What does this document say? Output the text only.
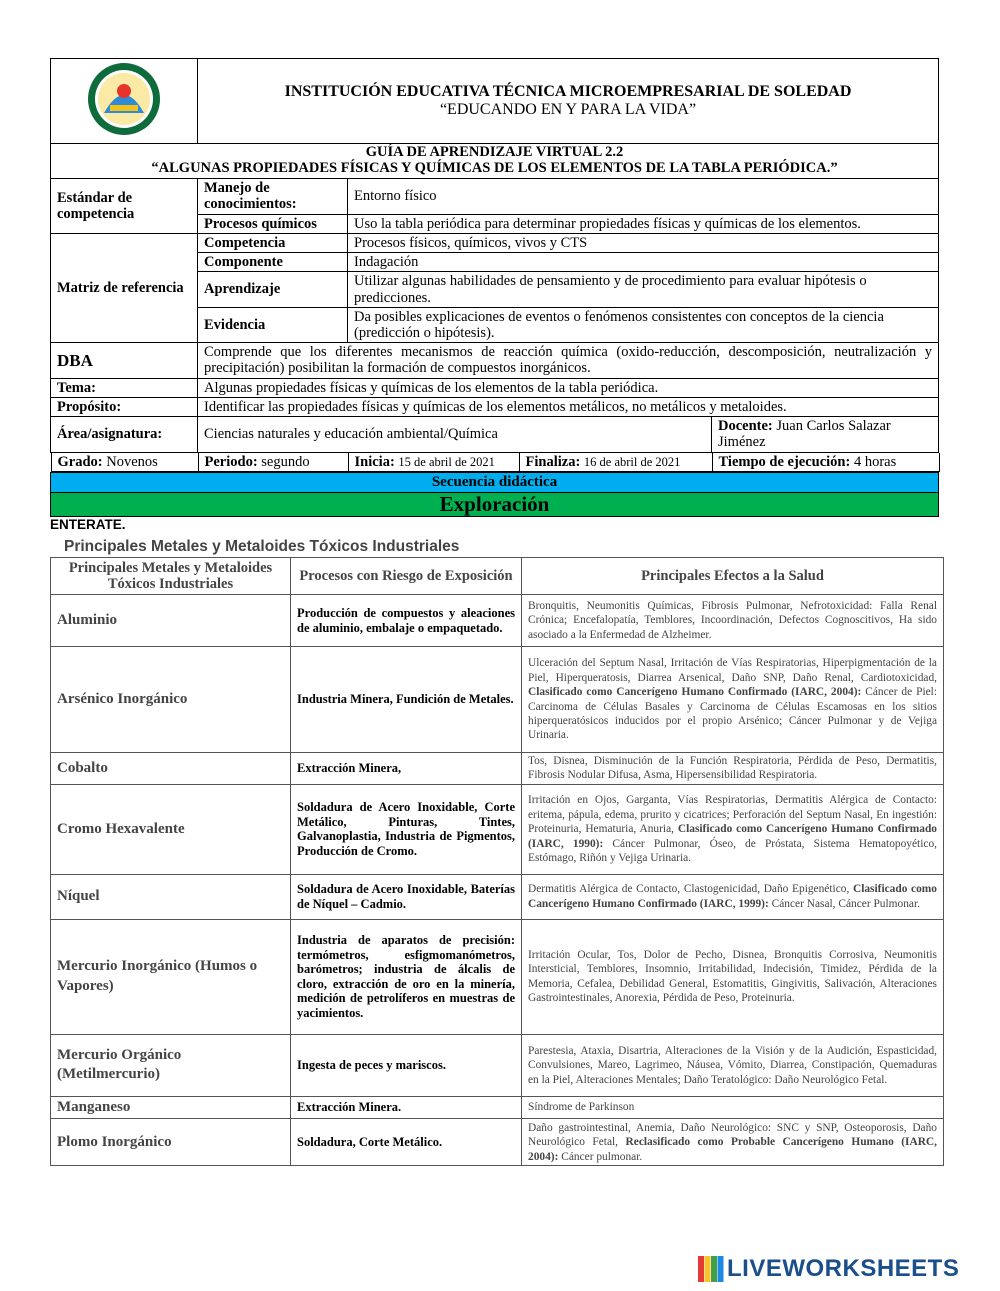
INSTITUCIÓN EDUCATIVA TÉCNICA MICROEMPRESARIAL DE SOLEDAD
“EDUCANDO EN Y PARA LA VIDA”

GUÍA DE APRENDIZAJE VIRTUAL 2.2
“ALGUNAS PROPIEDADES FÍSICAS Y QUÍMICAS DE LOS ELEMENTOS DE LA TABLA PERIÓDICA.”

Estándar de competencia	Manejo de conocimientos:	Entorno físico
Procesos químicos	Uso la tabla periódica para determinar propiedades físicas y químicas de los elementos.
Matriz de referencia	Competencia	Procesos físicos, químicos, vivos y CTS
Componente	Indagación
Aprendizaje	Utilizar algunas habilidades de pensamiento y de procedimiento para evaluar hipótesis o predicciones.
Evidencia	Da posibles explicaciones de eventos o fenómenos consistentes con conceptos de la ciencia (predicción o hipótesis).
DBA	Comprende que los diferentes mecanismos de reacción química (oxido-reducción, descomposición, neutralización y precipitación) posibilitan la formación de compuestos inorgánicos.
Tema:	Algunas propiedades físicas y químicas de los elementos de la tabla periódica.
Propósito:	Identificar las propiedades físicas y químicas de los elementos metálicos, no metálicos y metaloides.
Área/asignatura:	Ciencias naturales y educación ambiental/Química	Docente: Juan Carlos Salazar Jiménez

Grado: Novenos	Periodo: segundo	Inicia: 15 de abril de 2021	Finaliza: 16 de abril de 2021	Tiempo de ejecución: 4 horas

Secuencia didáctica
Exploración
ENTERATE.
Principales Metales y Metaloides Tóxicos Industriales
Principales Metales y Metaloides Tóxicos Industriales	Procesos con Riesgo de Exposición	Principales Efectos a la Salud
Aluminio	Producción de compuestos y aleaciones de aluminio, embalaje o empaquetado.	Bronquitis, Neumonitis Químicas, Fibrosis Pulmonar, Nefrotoxicidad: Falla Renal Crónica; Encefalopatía, Temblores, Incoordinación, Defectos Cognoscitivos, Ha sido asociado a la Enfermedad de Alzheimer.
Arsénico Inorgánico	Industria Minera, Fundición de Metales.	Ulceración del Septum Nasal, Irritación de Vías Respiratorias, Hiperpigmentación de la Piel, Hiperqueratosis, Diarrea Arsenical, Daño SNP, Daño Renal, Cardiotoxicidad, Clasificado como Cancerígeno Humano Confirmado (IARC, 2004): Cáncer de Piel: Carcinoma de Células Basales y Carcinoma de Células Escamosas en los sitios hiperqueratósicos inducidos por el propio Arsénico; Cáncer Pulmonar y de Vejiga Urinaria.
Cobalto	Extracción Minera,	Tos, Disnea, Disminución de la Función Respiratoria, Pérdida de Peso, Dermatitis, Fibrosis Nodular Difusa, Asma, Hipersensibilidad Respiratoria.
Cromo Hexavalente	Soldadura de Acero Inoxidable, Corte Metálico, Pinturas, Tintes, Galvanoplastia, Industria de Pigmentos, Producción de Cromo.	Irritación en Ojos, Garganta, Vías Respiratorias, Dermatitis Alérgica de Contacto: eritema, pápula, edema, prurito y cicatrices; Perforación del Septum Nasal, En ingestión: Proteinuria, Hematuria, Anuria, Clasificado como Cancerígeno Humano Confirmado (IARC, 1990): Cáncer Pulmonar, Óseo, de Próstata, Sistema Hematopoyético, Estómago, Riñón y Vejiga Urinaria.
Níquel	Soldadura de Acero Inoxidable, Baterías de Níquel – Cadmio.	Dermatitis Alérgica de Contacto, Clastogenicidad, Daño Epigenético, Clasificado como Cancerígeno Humano Confirmado (IARC, 1999): Cáncer Nasal, Cáncer Pulmonar.
Mercurio Inorgánico (Humos o Vapores)	Industria de aparatos de precisión: termómetros, esfigmomanómetros, barómetros; industria de álcalis de cloro, extracción de oro en la minería, medición de petrolíferos en muestras de yacimientos.	Irritación Ocular, Tos, Dolor de Pecho, Disnea, Bronquitis Corrosiva, Neumonitis Intersticial, Temblores, Insomnio, Irritabilidad, Indecisión, Timidez, Pérdida de la Memoria, Cefalea, Debilidad General, Estomatitis, Gingivitis, Salivación, Alteraciones Gastrointestinales, Anorexia, Pérdida de Peso, Proteinuria.
Mercurio Orgánico (Metilmercurio)	Ingesta de peces y mariscos.	Parestesia, Ataxia, Disartria, Alteraciones de la Visión y de la Audición, Espasticidad, Convulsiones, Mareo, Lagrimeo, Náusea, Vómito, Diarrea, Constipación, Quemaduras en la Piel, Alteraciones Mentales; Daño Teratológico: Daño Neurológico Fetal.
Manganeso	Extracción Minera.	Síndrome de Parkinson
Plomo Inorgánico	Soldadura, Corte Metálico.	Daño gastrointestinal, Anemia, Daño Neurológico: SNC y SNP, Osteoporosis, Daño Neurológico Fetal, Reclasificado como Probable Cancerígeno Humano (IARC, 2004): Cáncer pulmonar.
LIVEWORKSHEETS
